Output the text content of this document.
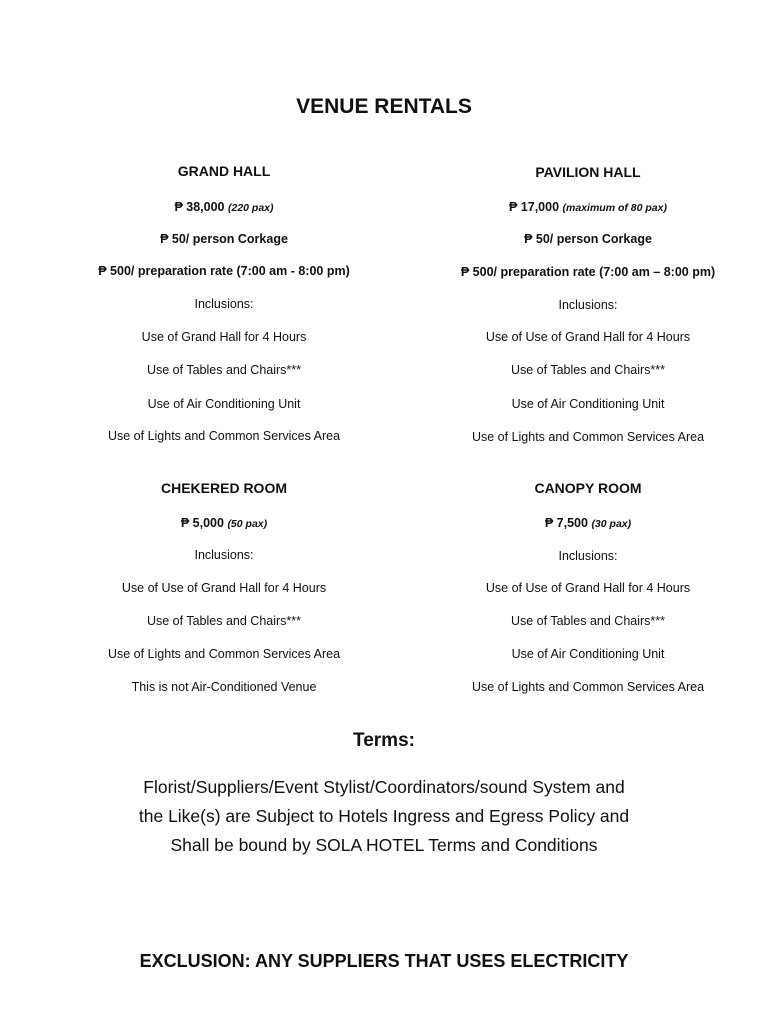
VENUE RENTALS
GRAND HALL
₱ 38,000 (220 pax)
₱ 50/ person Corkage
₱ 500/ preparation rate (7:00 am - 8:00 pm)
Inclusions:
Use of Grand Hall for 4 Hours
Use of Tables and Chairs***
Use of Air Conditioning Unit
Use of Lights and Common Services Area
PAVILION HALL
₱ 17,000 (maximum of 80 pax)
₱ 50/ person Corkage
₱ 500/ preparation rate (7:00 am – 8:00 pm)
Inclusions:
Use of Use of Grand Hall for 4 Hours
Use of Tables and Chairs***
Use of Air Conditioning Unit
Use of Lights and Common Services Area
CHEKERED ROOM
₱ 5,000 (50 pax)
Inclusions:
Use of Use of Grand Hall for 4 Hours
Use of Tables and Chairs***
Use of Lights and Common Services Area
This is not Air-Conditioned Venue
CANOPY ROOM
₱ 7,500 (30 pax)
Inclusions:
Use of Use of Grand Hall for 4 Hours
Use of Tables and Chairs***
Use of Air Conditioning Unit
Use of Lights and Common Services Area
Terms:
Florist/Suppliers/Event Stylist/Coordinators/sound System and
the Like(s) are Subject to Hotels Ingress and Egress Policy and
Shall be bound by SOLA HOTEL Terms and Conditions
EXCLUSION: ANY SUPPLIERS THAT USES ELECTRICITY
